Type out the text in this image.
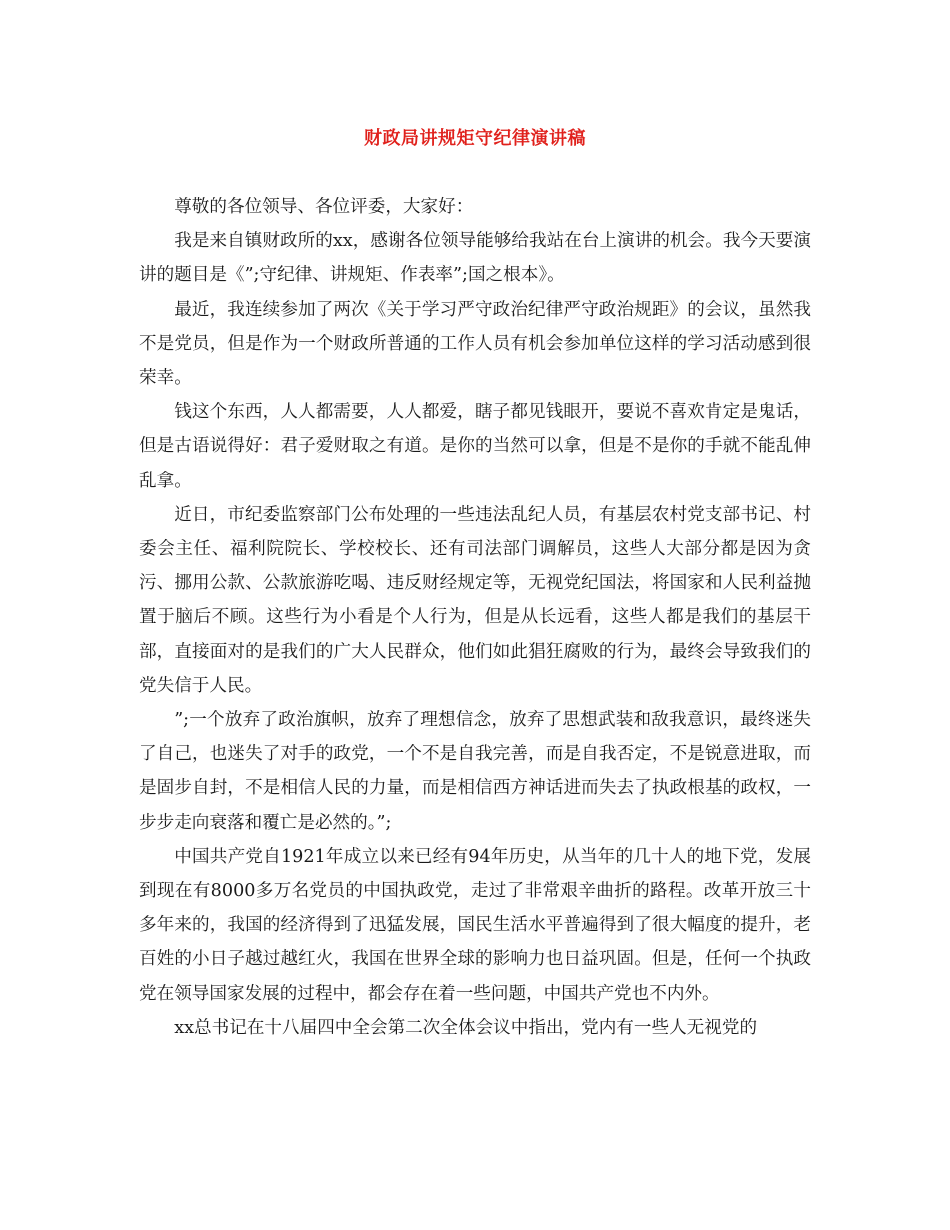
财政局讲规矩守纪律演讲稿

尊敬的各位领导、各位评委，大家好：

我是来自镇财政所的xx，感谢各位领导能够给我站在台上演讲的机会。我今天要演讲的题目是《”;守纪律、讲规矩、作表率”;国之根本》。

最近，我连续参加了两次《关于学习严守政治纪律严守政治规距》的会议，虽然我不是党员，但是作为一个财政所普通的工作人员有机会参加单位这样的学习活动感到很荣幸。

钱这个东西，人人都需要，人人都爱，瞎子都见钱眼开，要说不喜欢肯定是鬼话，但是古语说得好：君子爱财取之有道。是你的当然可以拿，但是不是你的手就不能乱伸乱拿。

近日，市纪委监察部门公布处理的一些违法乱纪人员，有基层农村党支部书记、村委会主任、福利院院长、学校校长、还有司法部门调解员，这些人大部分都是因为贪污、挪用公款、公款旅游吃喝、违反财经规定等，无视党纪国法，将国家和人民利益抛置于脑后不顾。这些行为小看是个人行为，但是从长远看，这些人都是我们的基层干部，直接面对的是我们的广大人民群众，他们如此猖狂腐败的行为，最终会导致我们的党失信于人民。

”;一个放弃了政治旗帜，放弃了理想信念，放弃了思想武装和敌我意识，最终迷失了自己，也迷失了对手的政党，一个不是自我完善，而是自我否定，不是锐意进取，而是固步自封，不是相信人民的力量，而是相信西方神话进而失去了执政根基的政权，一步步走向衰落和覆亡是必然的。”;

中国共产党自1921年成立以来已经有94年历史，从当年的几十人的地下党，发展到现在有8000多万名党员的中国执政党，走过了非常艰辛曲折的路程。改革开放三十多年来的，我国的经济得到了迅猛发展，国民生活水平普遍得到了很大幅度的提升，老百姓的小日子越过越红火，我国在世界全球的影响力也日益巩固。但是，任何一个执政党在领导国家发展的过程中，都会存在着一些问题，中国共产党也不内外。

xx总书记在十八届四中全会第二次全体会议中指出，党内有一些人无视党的
